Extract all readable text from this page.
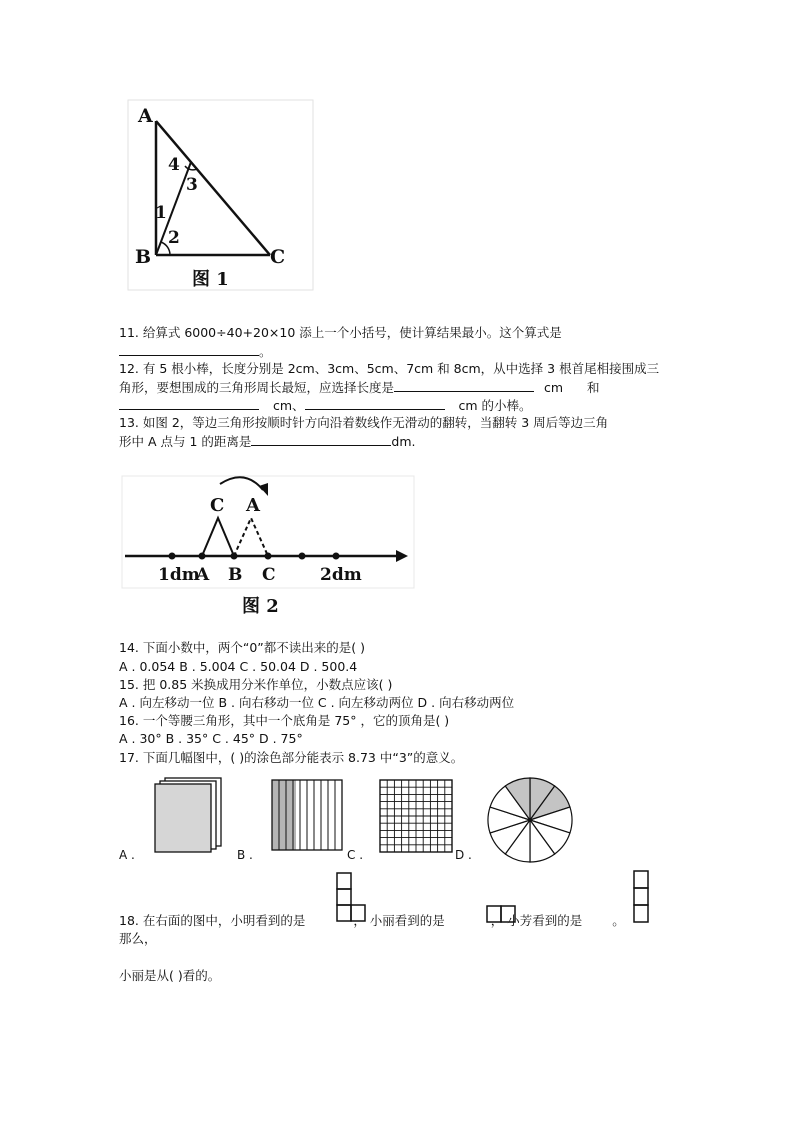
A
B	C
4
3
1
2
图 1
11. 给算式 6000÷40+20×10 添上一个小括号，使计算结果最小。这个算式是
。
12. 有 5 根小棒，长度分别是 2cm、3cm、5cm、7cm 和 8cm，从中选择 3 根首尾相接围成三
角形，要想围成的三角形周长最短，应选择长度是	cm 和
cm、	cm 的小棒。
13. 如图 2，等边三角形按顺时针方向沿着数线作无滑动的翻转，当翻转 3 周后等边三角
形中 A 点与 1 的距离是	dm.
C A
1dm
A B C	2dm
图 2
14. 下面小数中，两个“0”都不读出来的是( )
A . 0.054 B . 5.004 C . 50.04 D . 500.4
15. 把 0.85 米换成用分米作单位，小数点应该( )
A . 向左移动一位 B . 向右移动一位 C . 向左移动两位 D . 向右移动两位
16. 一个等腰三角形，其中一个底角是 75° ，它的顶角是( )
A . 30° B . 35° C . 45° D . 75°
17. 下面几幅图中，( )的涂色部分能表示 8.73 中“3”的意义。
A .	B .	C .	D .
18. 在右面的图中，小明看到的是	， 小丽看到的是	， 小芳看到的是 。
那么，
小丽是从( )看的。
